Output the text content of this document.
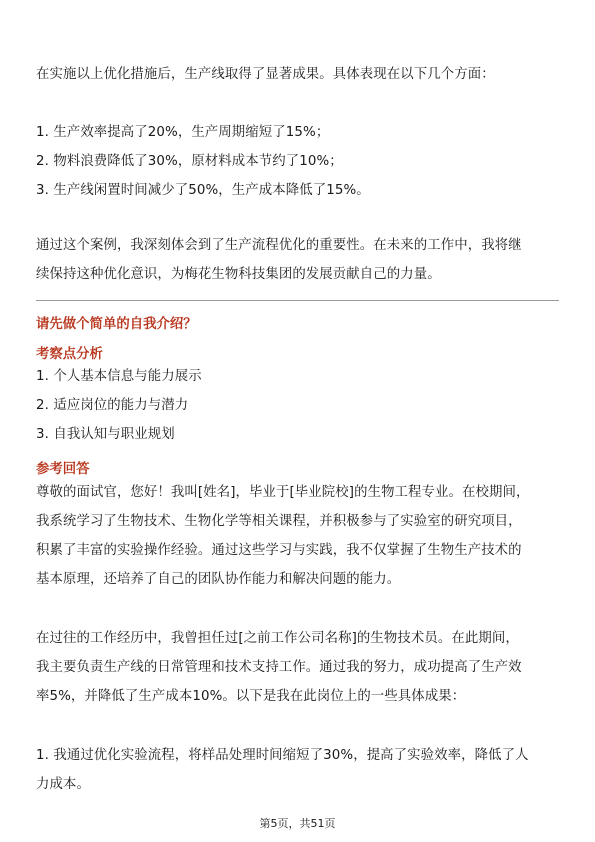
在实施以上优化措施后，生产线取得了显著成果。具体表现在以下几个方面：

1. 生产效率提高了20%，生产周期缩短了15%；
2. 物料浪费降低了30%，原材料成本节约了10%；
3. 生产线闲置时间减少了50%，生产成本降低了15%。

通过这个案例，我深刻体会到了生产流程优化的重要性。在未来的工作中，我将继
续保持这种优化意识，为梅花生物科技集团的发展贡献自己的力量。

请先做个简单的自我介绍？

考察点分析

1. 个人基本信息与能力展示
2. 适应岗位的能力与潜力
3. 自我认知与职业规划

参考回答

尊敬的面试官，您好！我叫[姓名]，毕业于[毕业院校]的生物工程专业。在校期间，
我系统学习了生物技术、生物化学等相关课程，并积极参与了实验室的研究项目，
积累了丰富的实验操作经验。通过这些学习与实践，我不仅掌握了生物生产技术的
基本原理，还培养了自己的团队协作能力和解决问题的能力。

在过往的工作经历中，我曾担任过[之前工作公司名称]的生物技术员。在此期间，
我主要负责生产线的日常管理和技术支持工作。通过我的努力，成功提高了生产效
率5%，并降低了生产成本10%。以下是我在此岗位上的一些具体成果：

1. 我通过优化实验流程，将样品处理时间缩短了30%，提高了实验效率，降低了人
力成本。

第5页，共51页
